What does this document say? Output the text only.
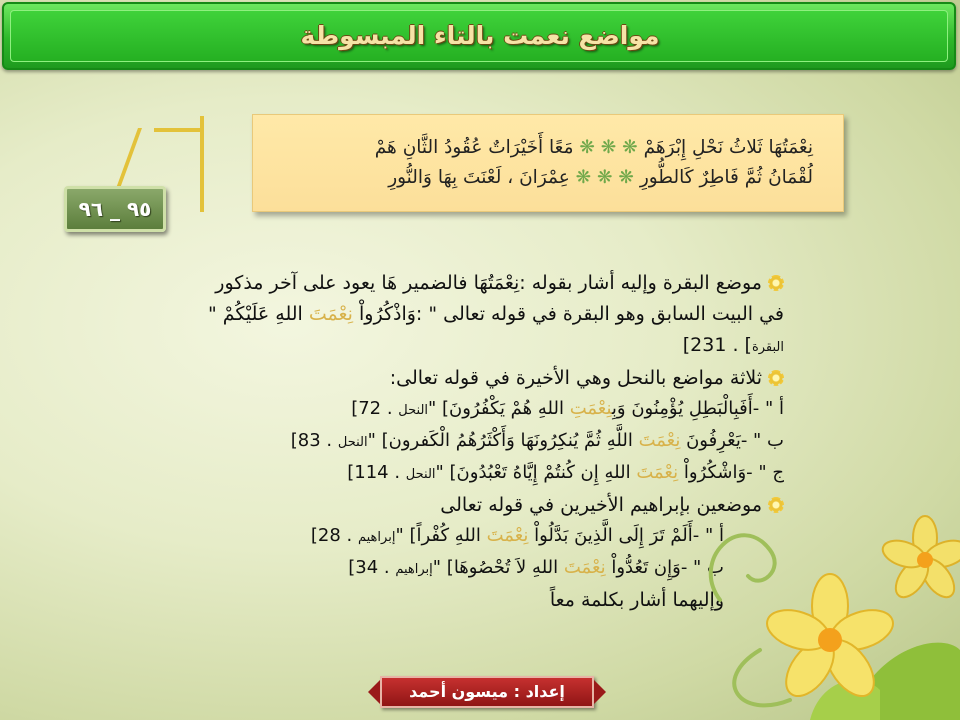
مواضع نعمت بالتاء المبسوطة
٩٥ _ ٩٦
نِعْمَتُهَا ثَلاثُ نَحْلِ إِبْرَهَمْ ❋ ❋ ❋ مَعًا أَخَيْرَاتٌ عُقُودُ الثَّانِ هَمْ
لُقْمَانُ ثُمَّ فَاطِرٌ كَالطُّورِ ❋ ❋ ❋ عِمْرَانَ ، لَعْنَتَ بِهَا وَالنُّورِ
موضع البقرة وإليه أشار بقوله :نِعْمَتُهَا فالضمير هَا يعود على آخر مذكور
في البيت السابق وهو البقرة في قوله تعالى " :وَاذْكُرُواْ نِعْمَتَ اللهِ عَلَيْكُمْ "
البقرة] . 231]
ثلاثة مواضع بالنحل وهي الأخيرة في قوله تعالى:
أ " -أَفَبِالْبَطِلِ يُؤْمِنُونَ وَبِنِعْمَتِ اللهِ هُمْ يَكْفُرُونَ] "النحل . 72]
ب " -يَعْرِفُونَ نِعْمَتَ اللَّهِ ثُمَّ يُنكِرُونَهَا وَأَكْثَرُهُمُ الْكَفرون] "النحل . 83]
ج " -وَاشْكُرُواْ نِعْمَتَ اللهِ إِن كُنتُمْ إِيَّاهُ تَعْبُدُونَ] "النحل . 114]
موضعين بإبراهيم الأخيرين في قوله تعالى
أ " -أَلَمْ تَرَ إِلَى الَّذِينَ بَدَّلُواْ نِعْمَتَ اللهِ كُفْراً] "إبراهيم . 28]
ب " -وَإِن تَعُدُّواْ نِعْمَتَ اللهِ لاَ تُحْصُوهَا] "إبراهيم . 34]
وإليهما أشار بكلمة معاً
إعداد : ميسون أحمد
